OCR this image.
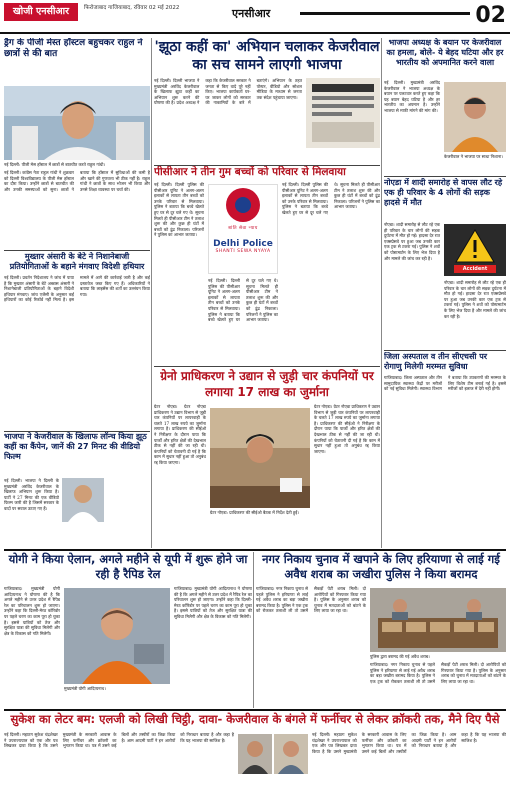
खोजी एनसीआर	फिरोजाबाद गाजियाबाद, रविवार 02 मई 2022	एनसीआर	02
ड्रैग के पीजी मेस्त हॉस्टल बहुचकर राहुल ने छात्रों से की बात
नई दिल्ली: पीजी मेस हॉस्टल में छात्रों से बातचीत करते राहुल गांधी।
नई दिल्ली। कांग्रेस नेता राहुल गांधी ने शुक्रवार को दिल्ली विश्वविद्यालय के पीजी मेस हॉस्टल का दौरा किया। उन्होंने छात्रों से बातचीत की और उनकी समस्याओं को सुना। छात्रों ने बताया कि हॉस्टल में सुविधाओं की कमी है और खाने की गुणवत्ता भी ठीक नहीं है। राहुल गांधी ने छात्रों के साथ भोजन भी किया और उनसे शिक्षा व्यवस्था पर चर्चा की।
मुख्तार अंसारी के बेटे ने निशानेबाजी प्रतियोगिताओं के बहाने मंगवाए विदेशी हथियार
नई दिल्ली। प्रवर्तन निदेशालय ने जांच में पाया है कि मुख्तार अंसारी के बेटे अब्बास अंसारी ने निशानेबाजी प्रतियोगिताओं के बहाने विदेशी हथियार मंगवाए। जांच एजेंसी के अनुसार कई हथियारों का कोई रिकॉर्ड नहीं मिला है। इस मामले में आगे की कार्रवाई जारी है और कई दस्तावेज जब्त किए गए हैं। अधिकारियों ने बताया कि लाइसेंस की शर्तों का उल्लंघन किया गया।
भाजपा ने केजरीवाल के खिलाफ लॉन्च किया झूठ कहीं का कैंपेन, जानें की 27 मिनट की वीडियो फिल्म
नई दिल्ली। भाजपा ने दिल्ली के मुख्यमंत्री अरविंद केजरीवाल के खिलाफ अभियान शुरू किया है। पार्टी ने 27 मिनट की एक वीडियो फिल्म जारी की है जिसमें सरकार के वादों पर सवाल उठाए गए हैं।
'झूठा कहीं का' अभियान चलाकर केजरीवाल का सच सामने लाएगी भाजपा
नई दिल्ली। दिल्ली भाजपा ने मुख्यमंत्री अरविंद केजरीवाल के खिलाफ झूठा कहीं का अभियान शुरू करने की घोषणा की है। प्रदेश अध्यक्ष ने कहा कि केजरीवाल सरकार ने जनता से किए वादे पूरे नहीं किए। भाजपा कार्यकर्ता घर-घर जाकर लोगों को सरकार की नाकामियों के बारे में बताएंगे। अभियान के तहत पोस्टर, वीडियो और सोशल मीडिया के माध्यम से जनता तक संदेश पहुंचाया जाएगा।
पीसीआर ने तीन गुम बच्चों को परिवार से मिलवाया
नई दिल्ली। दिल्ली पुलिस की पीसीआर यूनिट ने अलग-अलग इलाकों से लापता तीन बच्चों को उनके परिवार से मिलवाया। पुलिस ने बताया कि बच्चे खेलते हुए घर से दूर चले गए थे। सूचना मिलते ही पीसीआर टीम ने तलाश शुरू की और कुछ ही घंटों में बच्चों को ढूंढ निकाला। परिजनों ने पुलिस का आभार जताया।
शांति सेवा न्याय
Delhi Police
SHANTI SEWA NYAYA
नई दिल्ली। दिल्ली पुलिस की पीसीआर यूनिट ने अलग-अलग इलाकों से लापता तीन बच्चों को उनके परिवार से मिलवाया। पुलिस ने बताया कि बच्चे खेलते हुए घर से दूर चले गए थे। सूचना मिलते ही पीसीआर टीम ने तलाश शुरू की और कुछ ही घंटों में बच्चों को ढूंढ निकाला। परिजनों ने पुलिस का आभार जताया।
नई दिल्ली। दिल्ली पुलिस की पीसीआर यूनिट ने अलग-अलग इलाकों से लापता तीन बच्चों को उनके परिवार से मिलवाया। पुलिस ने बताया कि बच्चे खेलते हुए घर से दूर चले गए थे। सूचना मिलते ही पीसीआर टीम ने तलाश शुरू की और कुछ ही घंटों में बच्चों को ढूंढ निकाला। परिजनों ने पुलिस का आभार जताया।
भाजपा अध्यक्ष के बयान पर केजरीवाल का हमला, बोले- ये बेहद घटिया और हर भारतीय को अपमानित करने वाला
नई दिल्ली। मुख्यमंत्री अरविंद केजरीवाल ने भाजपा अध्यक्ष के बयान पर पलटवार करते हुए कहा कि यह बयान बेहद घटिया है और हर भारतीय का अपमान है। उन्होंने भाजपा से माफी मांगने की मांग की।
केजरीवाल ने भाजपा पर साधा निशाना।
नोएडा में शादी समारोह से वापस लौट रहे एक ही परिवार के 4 लोगों की सड़क हादसे में मौत
नोएडा। शादी समारोह से लौट रहे एक ही परिवार के चार लोगों की सड़क दुर्घटना में मौत हो गई। हादसा देर रात एक्सप्रेसवे पर हुआ जब उनकी कार एक ट्रक से टकरा गई। पुलिस ने शवों को पोस्टमार्टम के लिए भेज दिया है और मामले की जांच कर रही है।
Accident
नोएडा। शादी समारोह से लौट रहे एक ही परिवार के चार लोगों की सड़क दुर्घटना में मौत हो गई। हादसा देर रात एक्सप्रेसवे पर हुआ जब उनकी कार एक ट्रक से टकरा गई। पुलिस ने शवों को पोस्टमार्टम के लिए भेज दिया है और मामले की जांच कर रही है।
जिला अस्पताल व तीन सीएचसी पर रोगाणु मिलेगी मरम्मत सुविधा
गाजियाबाद। जिला अस्पताल और तीन सामुदायिक स्वास्थ्य केंद्रों पर मरीजों को नई सुविधा मिलेगी। स्वास्थ्य विभाग ने बताया कि उपकरणों की मरम्मत के लिए विशेष टीम बनाई गई है। इससे मरीजों को इलाज में देरी नहीं होगी।
ग्रेनो प्राधिकरण ने उद्यान से जुड़ी चार कंपनियों पर लगाया 17 लाख का जुर्माना
ग्रेटर नोएडा। ग्रेटर नोएडा प्राधिकरण ने उद्यान विभाग से जुड़ी चार कंपनियों पर लापरवाही के चलते 17 लाख रुपये का जुर्माना लगाया है। प्राधिकरण की सीईओ ने निरीक्षण के दौरान पाया कि पार्कों और हरित क्षेत्रों की देखभाल ठीक से नहीं की जा रही थी। कंपनियों को चेतावनी दी गई है कि काम में सुधार नहीं हुआ तो अनुबंध रद्द किया जाएगा।
ग्रेटर नोएडा: प्राधिकरण की सीईओ बैठक में निर्देश देती हुईं।
ग्रेटर नोएडा। ग्रेटर नोएडा प्राधिकरण ने उद्यान विभाग से जुड़ी चार कंपनियों पर लापरवाही के चलते 17 लाख रुपये का जुर्माना लगाया है। प्राधिकरण की सीईओ ने निरीक्षण के दौरान पाया कि पार्कों और हरित क्षेत्रों की देखभाल ठीक से नहीं की जा रही थी। कंपनियों को चेतावनी दी गई है कि काम में सुधार नहीं हुआ तो अनुबंध रद्द किया जाएगा।
योगी ने किया ऐलान, अगले महीने से यूपी में शुरू होने जा रही है रैपिड रेल
गाजियाबाद। मुख्यमंत्री योगी आदित्यनाथ ने घोषणा की है कि अगले महीने से उत्तर प्रदेश में रैपिड रेल का परिचालन शुरू हो जाएगा। उन्होंने कहा कि दिल्ली-मेरठ कॉरिडोर पर पहले चरण का काम पूरा हो चुका है। इससे यात्रियों को तेज और सुरक्षित यात्रा की सुविधा मिलेगी और क्षेत्र के विकास को गति मिलेगी।
मुख्यमंत्री योगी आदित्यनाथ।
गाजियाबाद। मुख्यमंत्री योगी आदित्यनाथ ने घोषणा की है कि अगले महीने से उत्तर प्रदेश में रैपिड रेल का परिचालन शुरू हो जाएगा। उन्होंने कहा कि दिल्ली-मेरठ कॉरिडोर पर पहले चरण का काम पूरा हो चुका है। इससे यात्रियों को तेज और सुरक्षित यात्रा की सुविधा मिलेगी और क्षेत्र के विकास को गति मिलेगी।
नगर निकाय चुनाव में खपाने के लिए हरियाणा से लाई गई अवैध शराब का जखीरा पुलिस ने किया बरामद
गाजियाबाद। नगर निकाय चुनाव से पहले पुलिस ने हरियाणा से लाई गई अवैध शराब का बड़ा जखीरा बरामद किया है। पुलिस ने एक ट्रक को रोककर तलाशी ली तो उसमें सैकड़ों पेटी शराब मिली। दो आरोपियों को गिरफ्तार किया गया है। पुलिस के अनुसार शराब को चुनाव में मतदाताओं को बांटने के लिए लाया जा रहा था।
पुलिस द्वारा बरामद की गई अवैध शराब।
गाजियाबाद। नगर निकाय चुनाव से पहले पुलिस ने हरियाणा से लाई गई अवैध शराब का बड़ा जखीरा बरामद किया है। पुलिस ने एक ट्रक को रोककर तलाशी ली तो उसमें सैकड़ों पेटी शराब मिली। दो आरोपियों को गिरफ्तार किया गया है। पुलिस के अनुसार शराब को चुनाव में मतदाताओं को बांटने के लिए लाया जा रहा था।
सुकेश का लेटर बम: एलजी को लिखी चिट्ठी, दावा- केजरीवाल के बंगले में फर्नीचर से लेकर क्रॉकरी तक, मैने दिए पैसे
नई दिल्ली। महाठग सुकेश चंद्रशेखर ने उपराज्यपाल को एक और पत्र लिखकर दावा किया है कि उसने मुख्यमंत्री के सरकारी आवास के लिए फर्नीचर और क्रॉकरी का भुगतान किया था। पत्र में उसने कई बिलों और तस्वीरों का जिक्र किया है। आम आदमी पार्टी ने इन आरोपों को निराधार बताया है और कहा है कि यह भाजपा की साजिश है।
नई दिल्ली। महाठग सुकेश चंद्रशेखर ने उपराज्यपाल को एक और पत्र लिखकर दावा किया है कि उसने मुख्यमंत्री के सरकारी आवास के लिए फर्नीचर और क्रॉकरी का भुगतान किया था। पत्र में उसने कई बिलों और तस्वीरों का जिक्र किया है। आम आदमी पार्टी ने इन आरोपों को निराधार बताया है और कहा है कि यह भाजपा की साजिश है।
